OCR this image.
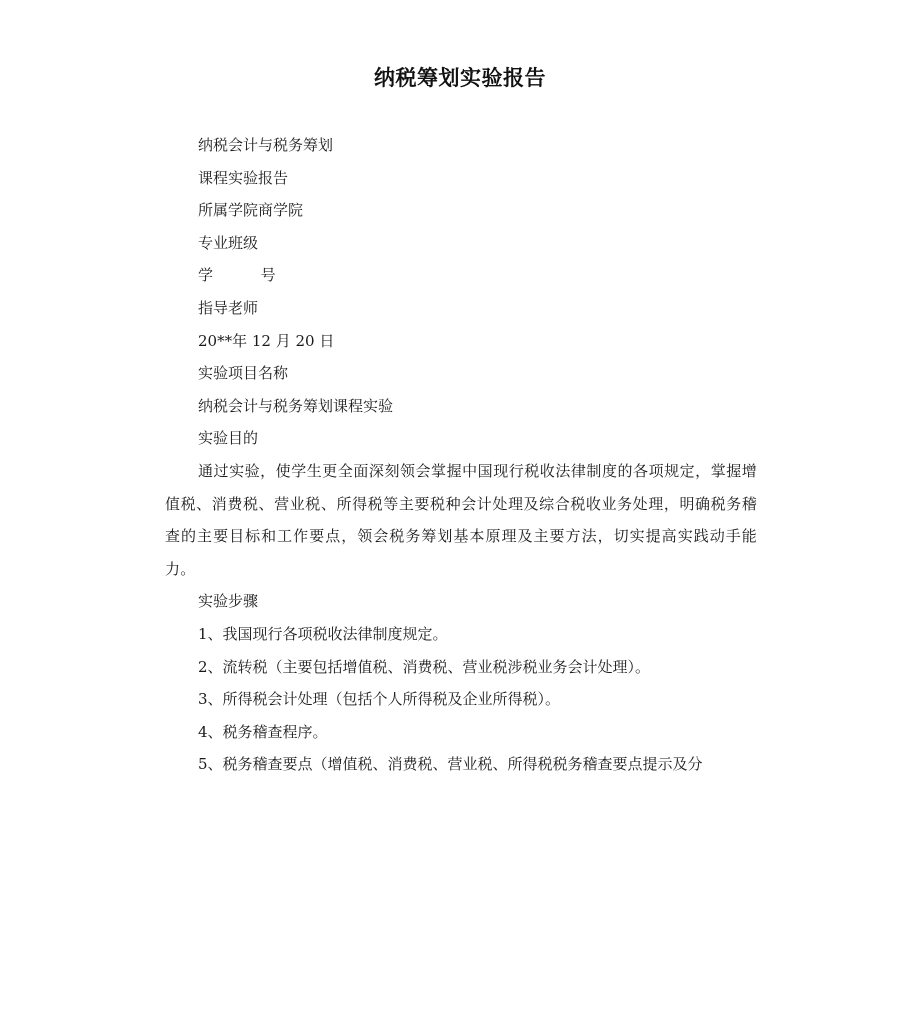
纳税筹划实验报告
纳税会计与税务筹划
课程实验报告
所属学院商学院
专业班级
学          号
指导老师
20**年 12 月 20 日
实验项目名称
纳税会计与税务筹划课程实验
实验目的
通过实验，使学生更全面深刻领会掌握中国现行税收法律制度的各项规定，掌握增值税、消费税、营业税、所得税等主要税种会计处理及综合税收业务处理，明确税务稽查的主要目标和工作要点，领会税务筹划基本原理及主要方法，切实提高实践动手能力。
实验步骤
1、我国现行各项税收法律制度规定。
2、流转税（主要包括增值税、消费税、营业税涉税业务会计处理）。
3、所得税会计处理（包括个人所得税及企业所得税）。
4、税务稽查程序。
5、税务稽查要点（增值税、消费税、营业税、所得税税务稽查要点提示及分
